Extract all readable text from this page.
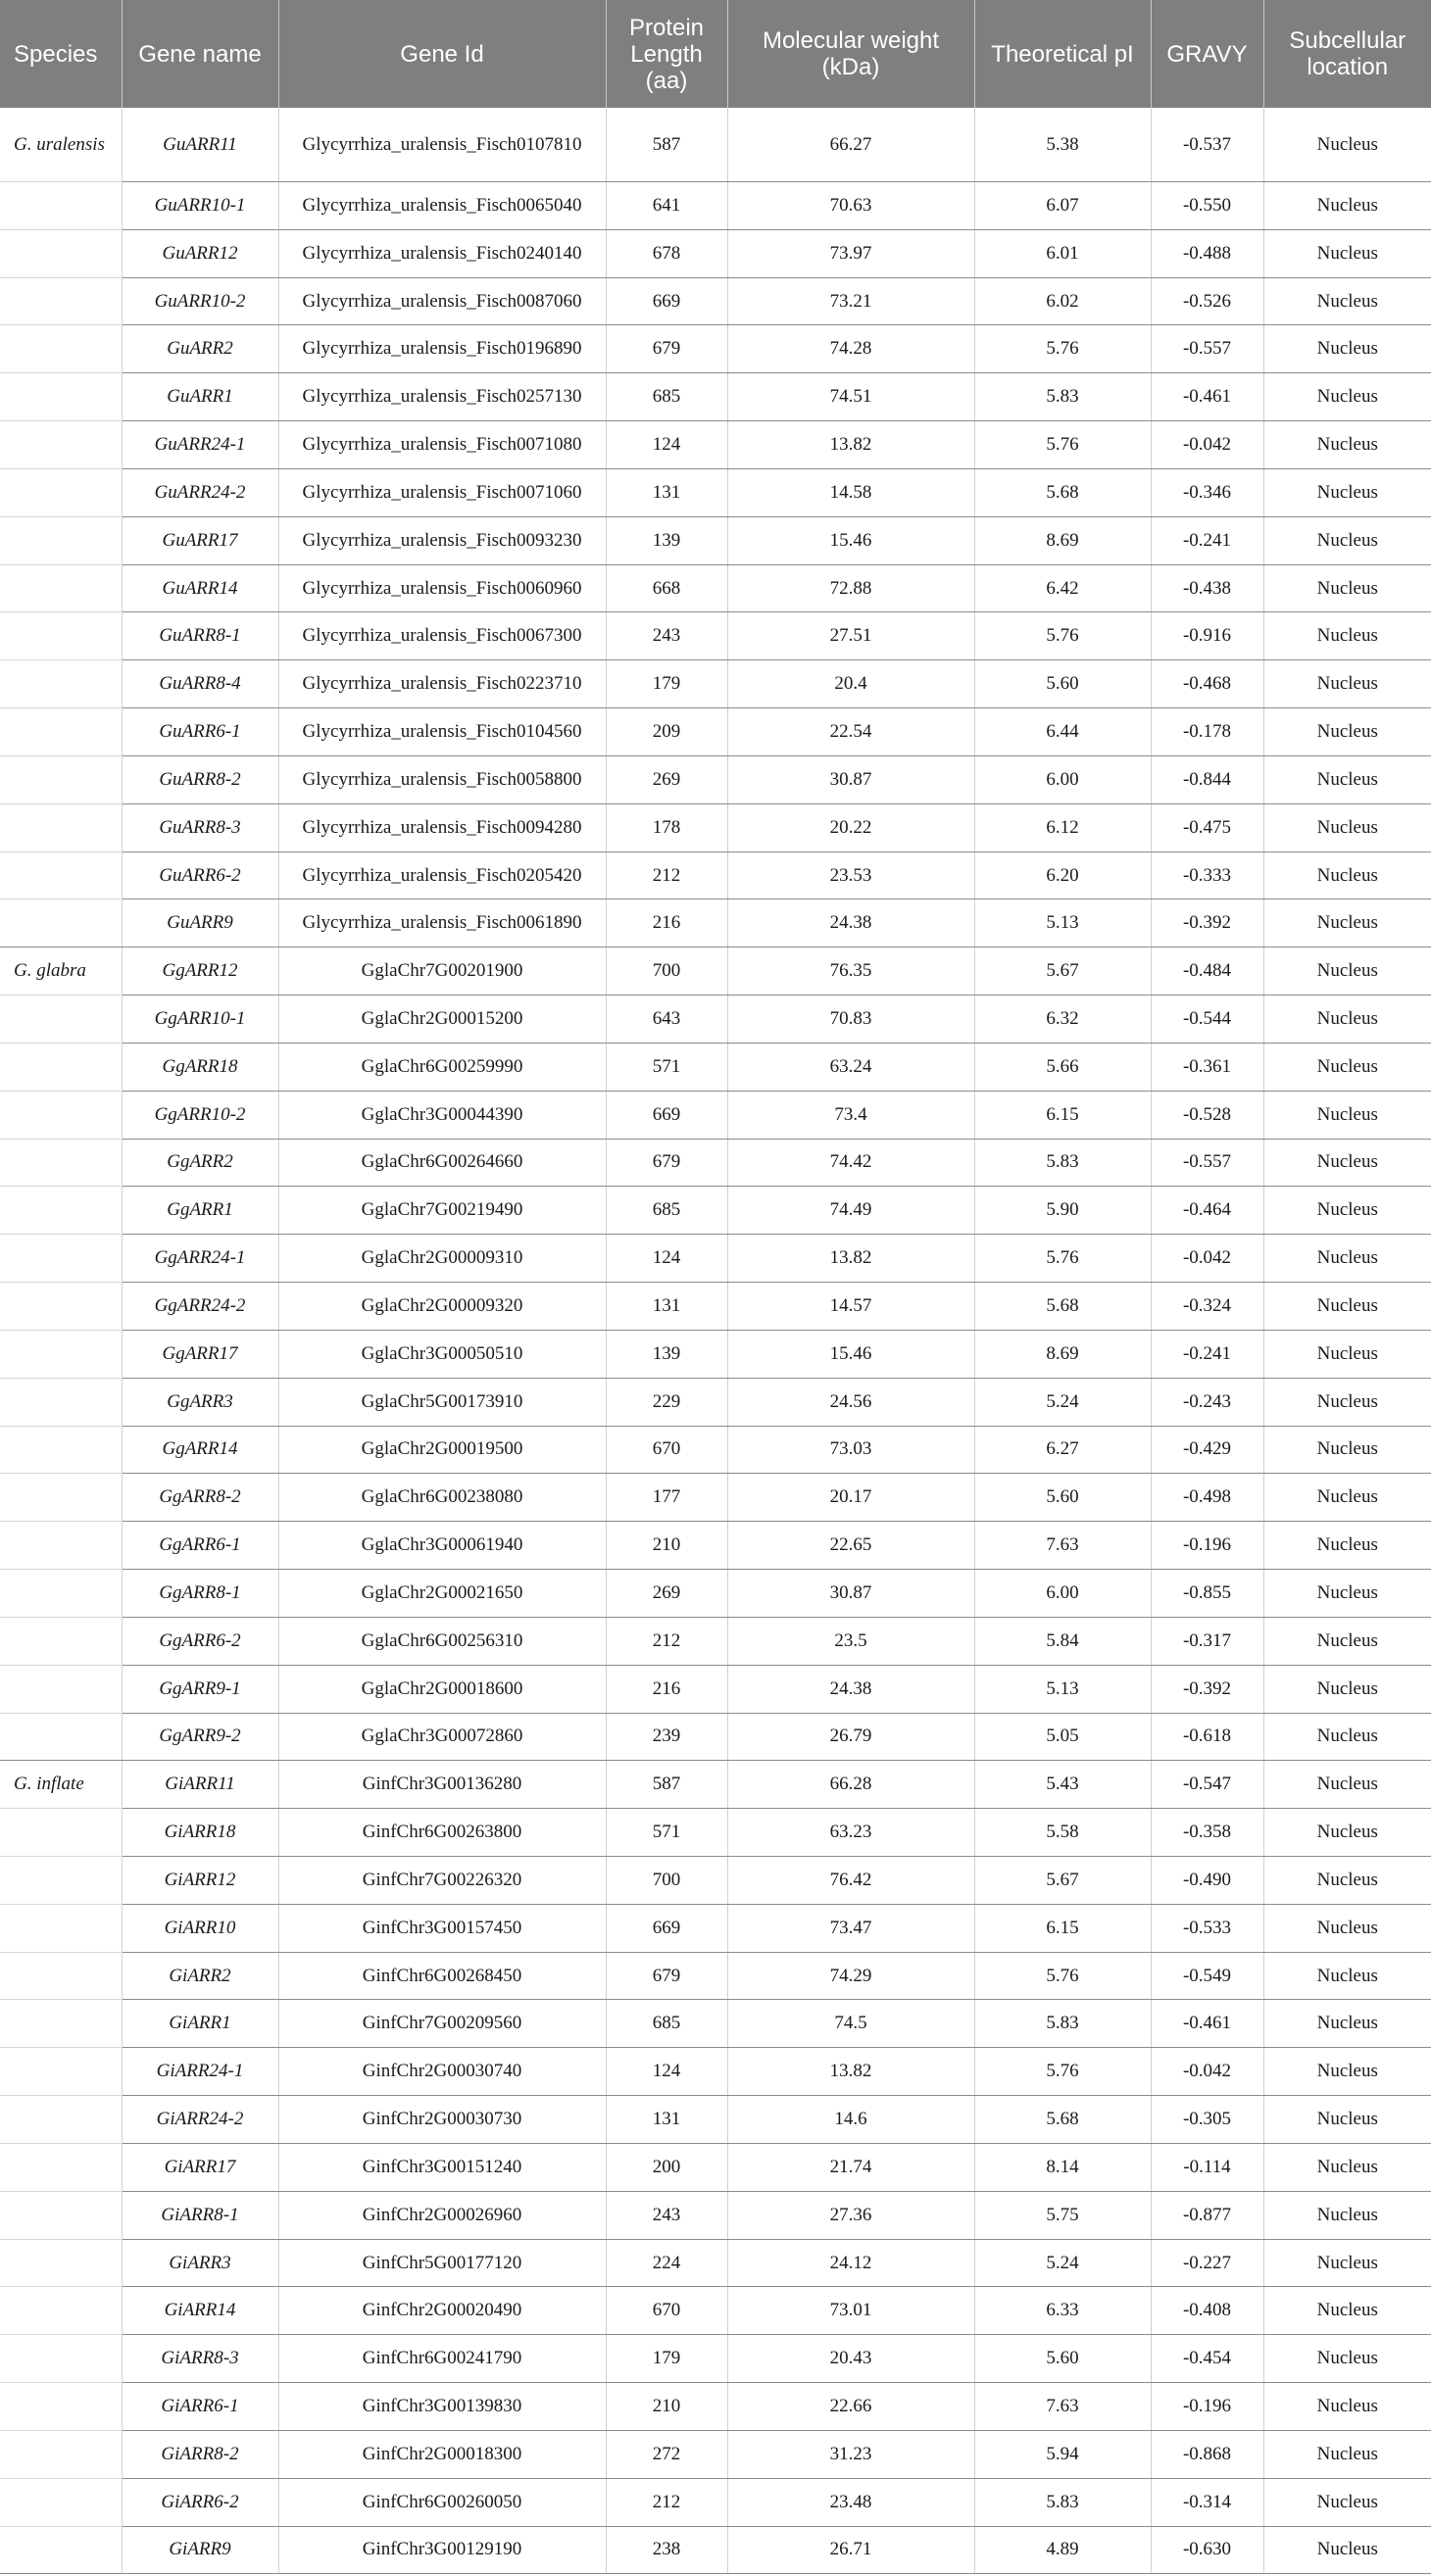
Species	Gene name	Gene Id	Protein Length (aa)	Molecular weight (kDa)	Theoretical pI	GRAVY	Subcellular location
G. uralensis	GuARR11	Glycyrrhiza_uralensis_Fisch0107810	587	66.27	5.38	-0.537	Nucleus
	GuARR10-1	Glycyrrhiza_uralensis_Fisch0065040	641	70.63	6.07	-0.550	Nucleus
	GuARR12	Glycyrrhiza_uralensis_Fisch0240140	678	73.97	6.01	-0.488	Nucleus
	GuARR10-2	Glycyrrhiza_uralensis_Fisch0087060	669	73.21	6.02	-0.526	Nucleus
	GuARR2	Glycyrrhiza_uralensis_Fisch0196890	679	74.28	5.76	-0.557	Nucleus
	GuARR1	Glycyrrhiza_uralensis_Fisch0257130	685	74.51	5.83	-0.461	Nucleus
	GuARR24-1	Glycyrrhiza_uralensis_Fisch0071080	124	13.82	5.76	-0.042	Nucleus
	GuARR24-2	Glycyrrhiza_uralensis_Fisch0071060	131	14.58	5.68	-0.346	Nucleus
	GuARR17	Glycyrrhiza_uralensis_Fisch0093230	139	15.46	8.69	-0.241	Nucleus
	GuARR14	Glycyrrhiza_uralensis_Fisch0060960	668	72.88	6.42	-0.438	Nucleus
	GuARR8-1	Glycyrrhiza_uralensis_Fisch0067300	243	27.51	5.76	-0.916	Nucleus
	GuARR8-4	Glycyrrhiza_uralensis_Fisch0223710	179	20.4	5.60	-0.468	Nucleus
	GuARR6-1	Glycyrrhiza_uralensis_Fisch0104560	209	22.54	6.44	-0.178	Nucleus
	GuARR8-2	Glycyrrhiza_uralensis_Fisch0058800	269	30.87	6.00	-0.844	Nucleus
	GuARR8-3	Glycyrrhiza_uralensis_Fisch0094280	178	20.22	6.12	-0.475	Nucleus
	GuARR6-2	Glycyrrhiza_uralensis_Fisch0205420	212	23.53	6.20	-0.333	Nucleus
	GuARR9	Glycyrrhiza_uralensis_Fisch0061890	216	24.38	5.13	-0.392	Nucleus
G. glabra	GgARR12	GglaChr7G00201900	700	76.35	5.67	-0.484	Nucleus
	GgARR10-1	GglaChr2G00015200	643	70.83	6.32	-0.544	Nucleus
	GgARR18	GglaChr6G00259990	571	63.24	5.66	-0.361	Nucleus
	GgARR10-2	GglaChr3G00044390	669	73.4	6.15	-0.528	Nucleus
	GgARR2	GglaChr6G00264660	679	74.42	5.83	-0.557	Nucleus
	GgARR1	GglaChr7G00219490	685	74.49	5.90	-0.464	Nucleus
	GgARR24-1	GglaChr2G00009310	124	13.82	5.76	-0.042	Nucleus
	GgARR24-2	GglaChr2G00009320	131	14.57	5.68	-0.324	Nucleus
	GgARR17	GglaChr3G00050510	139	15.46	8.69	-0.241	Nucleus
	GgARR3	GglaChr5G00173910	229	24.56	5.24	-0.243	Nucleus
	GgARR14	GglaChr2G00019500	670	73.03	6.27	-0.429	Nucleus
	GgARR8-2	GglaChr6G00238080	177	20.17	5.60	-0.498	Nucleus
	GgARR6-1	GglaChr3G00061940	210	22.65	7.63	-0.196	Nucleus
	GgARR8-1	GglaChr2G00021650	269	30.87	6.00	-0.855	Nucleus
	GgARR6-2	GglaChr6G00256310	212	23.5	5.84	-0.317	Nucleus
	GgARR9-1	GglaChr2G00018600	216	24.38	5.13	-0.392	Nucleus
	GgARR9-2	GglaChr3G00072860	239	26.79	5.05	-0.618	Nucleus
G. inflate	GiARR11	GinfChr3G00136280	587	66.28	5.43	-0.547	Nucleus
	GiARR18	GinfChr6G00263800	571	63.23	5.58	-0.358	Nucleus
	GiARR12	GinfChr7G00226320	700	76.42	5.67	-0.490	Nucleus
	GiARR10	GinfChr3G00157450	669	73.47	6.15	-0.533	Nucleus
	GiARR2	GinfChr6G00268450	679	74.29	5.76	-0.549	Nucleus
	GiARR1	GinfChr7G00209560	685	74.5	5.83	-0.461	Nucleus
	GiARR24-1	GinfChr2G00030740	124	13.82	5.76	-0.042	Nucleus
	GiARR24-2	GinfChr2G00030730	131	14.6	5.68	-0.305	Nucleus
	GiARR17	GinfChr3G00151240	200	21.74	8.14	-0.114	Nucleus
	GiARR8-1	GinfChr2G00026960	243	27.36	5.75	-0.877	Nucleus
	GiARR3	GinfChr5G00177120	224	24.12	5.24	-0.227	Nucleus
	GiARR14	GinfChr2G00020490	670	73.01	6.33	-0.408	Nucleus
	GiARR8-3	GinfChr6G00241790	179	20.43	5.60	-0.454	Nucleus
	GiARR6-1	GinfChr3G00139830	210	22.66	7.63	-0.196	Nucleus
	GiARR8-2	GinfChr2G00018300	272	31.23	5.94	-0.868	Nucleus
	GiARR6-2	GinfChr6G00260050	212	23.48	5.83	-0.314	Nucleus
	GiARR9	GinfChr3G00129190	238	26.71	4.89	-0.630	Nucleus
